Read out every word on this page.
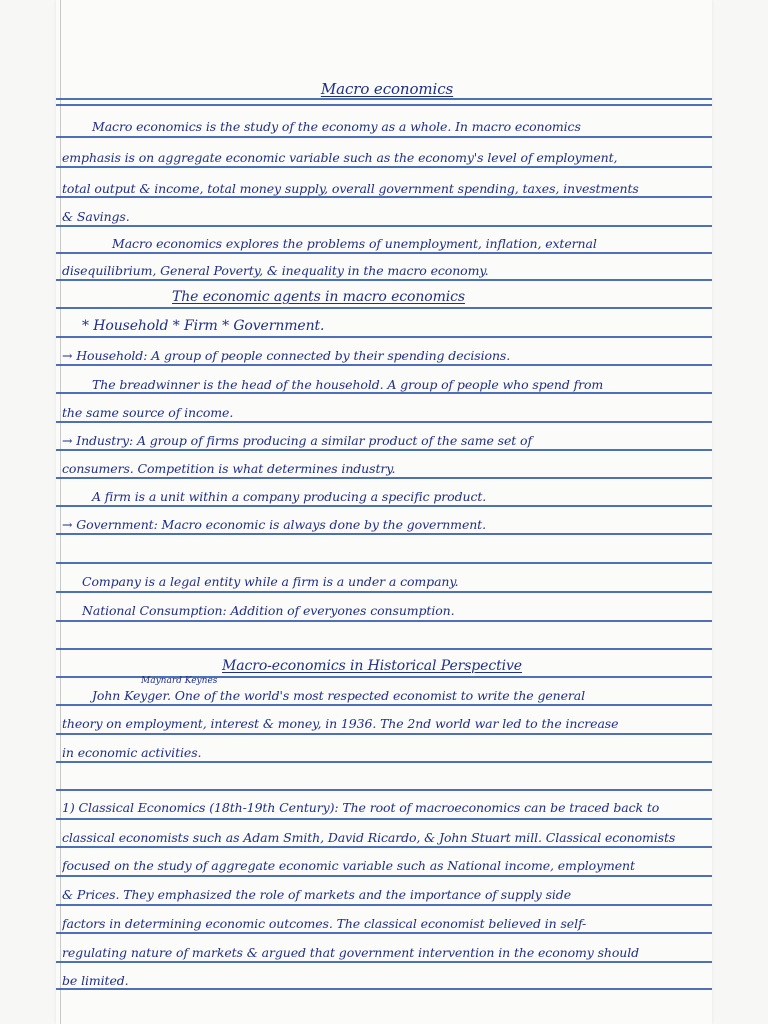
Macro economics
Macro economics is the study of the economy as a whole. In macro economics
emphasis is on aggregate economic variable such as the economy's level of employment,
total output & income, total money supply, overall government spending, taxes, investments
& Savings.
Macro economics explores the problems of unemployment, inflation, external
disequilibrium, General Poverty, & inequality in the macro economy.
The economic agents in macro economics
* Household * Firm * Government.
→ Household: A group of people connected by their spending decisions.
The breadwinner is the head of the household. A group of people who spend from
the same source of income.
→ Industry: A group of firms producing a similar product of the same set of
consumers. Competition is what determines industry.
A firm is a unit within a company producing a specific product.
→ Government: Macro economic is always done by the government.
Company is a legal entity while a firm is a under a company.
National Consumption: Addition of everyones consumption.
Macro-economics in Historical Perspective
Maynard Keynes
John Keyger. One of the world's most respected economist to write the general
theory on employment, interest & money, in 1936. The 2nd world war led to the increase
in economic activities.
1) Classical Economics (18th-19th Century): The root of macroeconomics can be traced back to
classical economists such as Adam Smith, David Ricardo, & John Stuart mill. Classical economists
focused on the study of aggregate economic variable such as National income, employment
& Prices. They emphasized the role of markets and the importance of supply side
factors in determining economic outcomes. The classical economist believed in self-
regulating nature of markets & argued that government intervention in the economy should
be limited.
